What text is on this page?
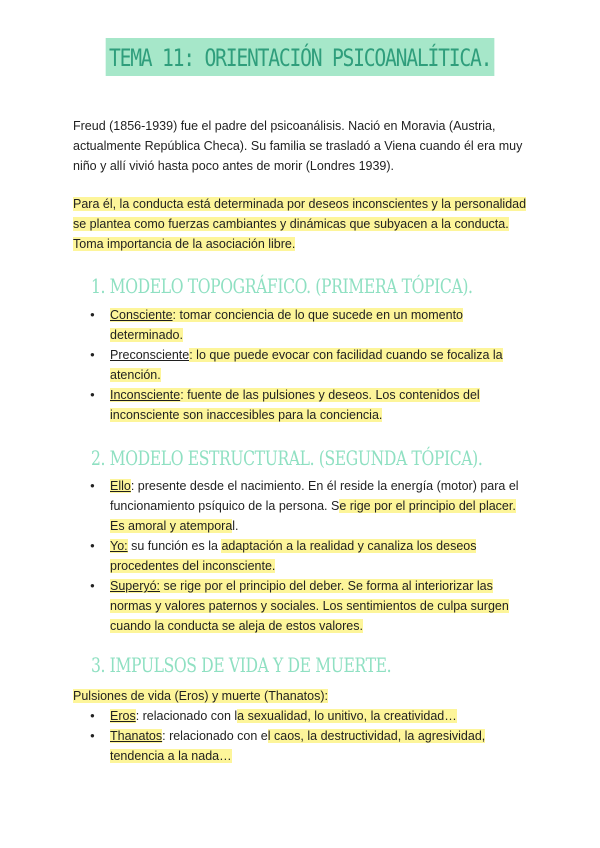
TEMA 11: ORIENTACIÓN PSICOANALÍTICA.

Freud (1856-1939) fue el padre del psicoanálisis. Nació en Moravia (Austria,

actualmente República Checa). Su familia se trasladó a Viena cuando él era muy

niño y allí vivió hasta poco antes de morir (Londres 1939).

Para él, la conducta está determinada por deseos inconscientes y la personalidad

se plantea como fuerzas cambiantes y dinámicas que subyacen a la conducta.

Toma importancia de la asociación libre.

1. MODELO TOPOGRÁFICO. (PRIMERA TÓPICA).
● Consciente: tomar conciencia de lo que sucede en un momento determinado.
● Preconsciente: lo que puede evocar con facilidad cuando se focaliza la atención.
● Inconsciente: fuente de las pulsiones y deseos. Los contenidos del inconsciente son inaccesibles para la conciencia.
2. MODELO ESTRUCTURAL. (SEGUNDA TÓPICA).
● Ello: presente desde el nacimiento. En él reside la energía (motor) para el funcionamiento psíquico de la persona. Se rige por el principio del placer. Es amoral y atemporal.
● Yo: su función es la adaptación a la realidad y canaliza los deseos procedentes del inconsciente.
● Superyó: se rige por el principio del deber. Se forma al interiorizar las normas y valores paternos y sociales. Los sentimientos de culpa surgen cuando la conducta se aleja de estos valores.
3. IMPULSOS DE VIDA Y DE MUERTE.
Pulsiones de vida (Eros) y muerte (Thanatos):
● Eros: relacionado con la sexualidad, lo unitivo, la creatividad…
● Thanatos: relacionado con el caos, la destructividad, la agresividad, tendencia a la nada…
